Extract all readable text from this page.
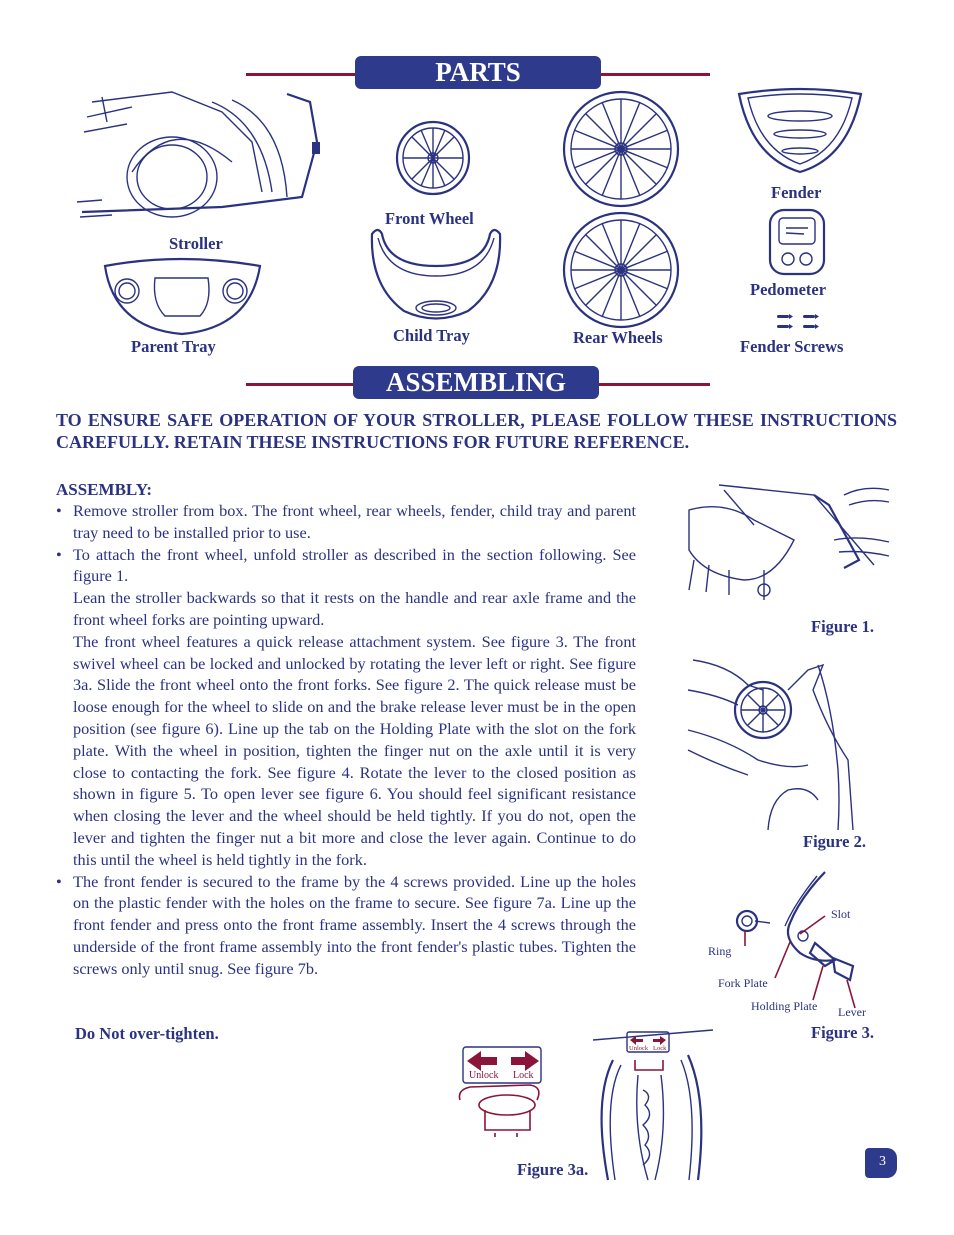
PARTS
ASSEMBLING
Stroller
Parent Tray
Front Wheel
Child Tray	Rear Wheels
Fender
Pedometer
Fender Screws
TO ENSURE SAFE OPERATION OF YOUR STROLLER, PLEASE FOLLOW THESE INSTRUCTIONS CAREFULLY. RETAIN THESE INSTRUCTIONS FOR FUTURE REFERENCE.
ASSEMBLY:
• Remove stroller from box. The front wheel, rear wheels, fender, child tray and parent tray need to be installed prior to use.

• To attach the front wheel, unfold stroller as described in the section following. See figure 1.

Lean the stroller backwards so that it rests on the handle and rear axle frame and the front wheel forks are pointing upward.

The front wheel features a quick release attachment system. See figure 3. The front swivel wheel can be locked and unlocked by rotating the lever left or right. See figure 3a. Slide the front wheel onto the front forks. See figure 2. The quick release must be loose enough for the wheel to slide on and the brake release lever must be in the open position (see figure 6). Line up the tab on the Holding Plate with the slot on the fork plate. With the wheel in position, tighten the finger nut on the axle until it is very close to contacting the fork. See figure 4. Rotate the lever to the closed position as shown in figure 5. To open lever see figure 6. You should feel significant resistance when closing the lever and the wheel should be held tightly. If you do not, open the lever and tighten the finger nut a bit more and close the lever again. Continue to do this until the wheel is held tightly in the fork.

• The front fender is secured to the frame by the 4 screws provided. Line up the holes on the plastic fender with the holes on the frame to secure. See figure 7a. Line up the front fender and press onto the front frame assembly. Insert the 4 screws through the underside of the front frame assembly into the front fender's plastic tubes. Tighten the screws only until snug. See figure 7b.

Do Not over-tighten.
Figure 1.
Figure 2.
Slot
Ring
Fork Plate
Holding Plate Lever
Figure 3.
Unlock Lock
Unlock Lock
Figure 3a.	3
